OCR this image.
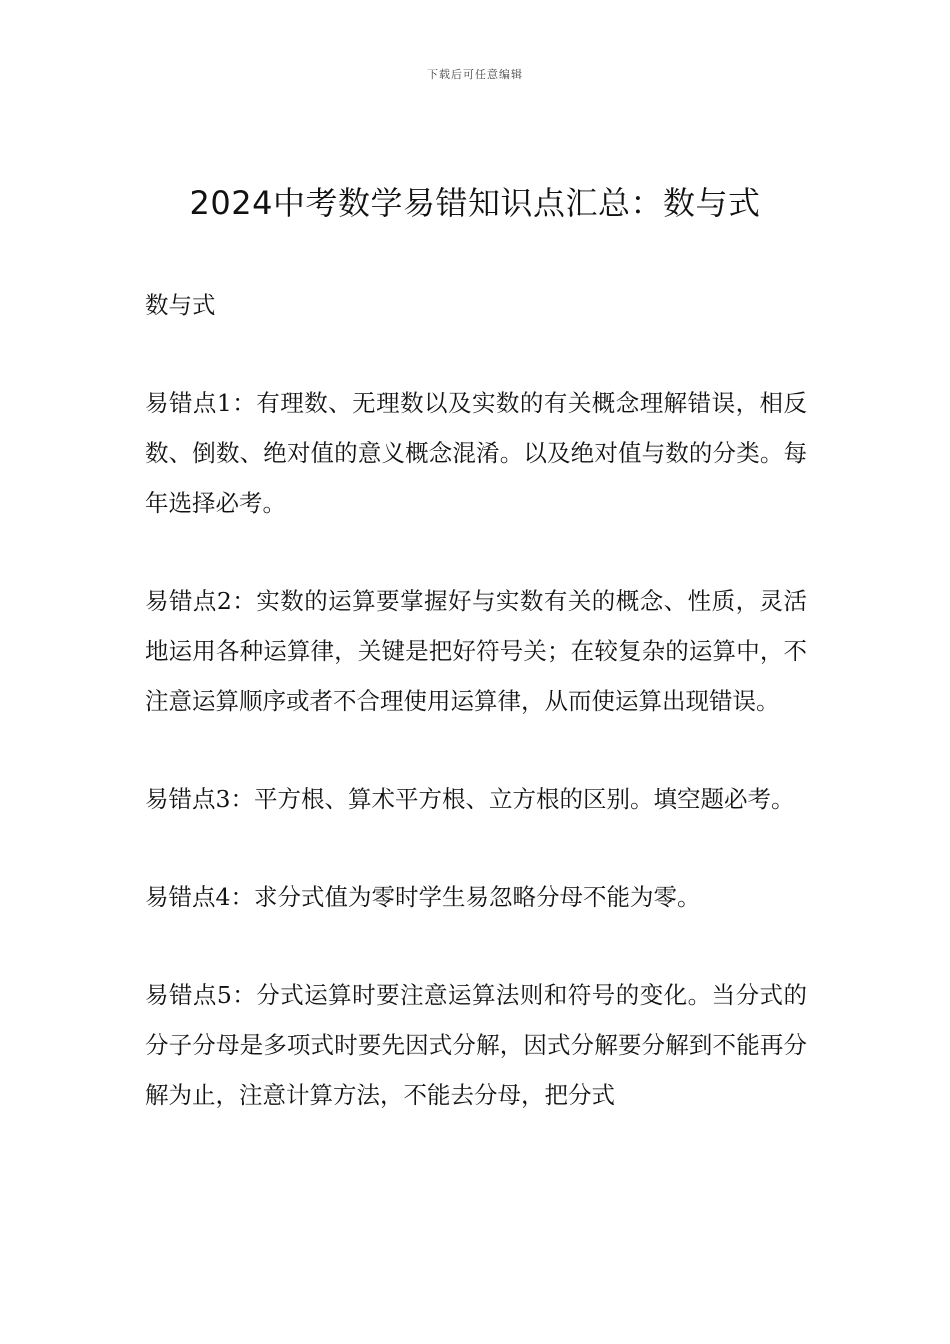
下载后可任意编辑
2024中考数学易错知识点汇总：数与式

数与式

易错点1：有理数、无理数以及实数的有关概念理解错误，相反数、倒数、绝对值的意义概念混淆。以及绝对值与数的分类。每年选择必考。

易错点2：实数的运算要掌握好与实数有关的概念、性质，灵活地运用各种运算律，关键是把好符号关；在较复杂的运算中，不注意运算顺序或者不合理使用运算律，从而使运算出现错误。

易错点3：平方根、算术平方根、立方根的区别。填空题必考。

易错点4：求分式值为零时学生易忽略分母不能为零。

易错点5：分式运算时要注意运算法则和符号的变化。当分式的分子分母是多项式时要先因式分解，因式分解要分解到不能再分解为止，注意计算方法，不能去分母，把分式
